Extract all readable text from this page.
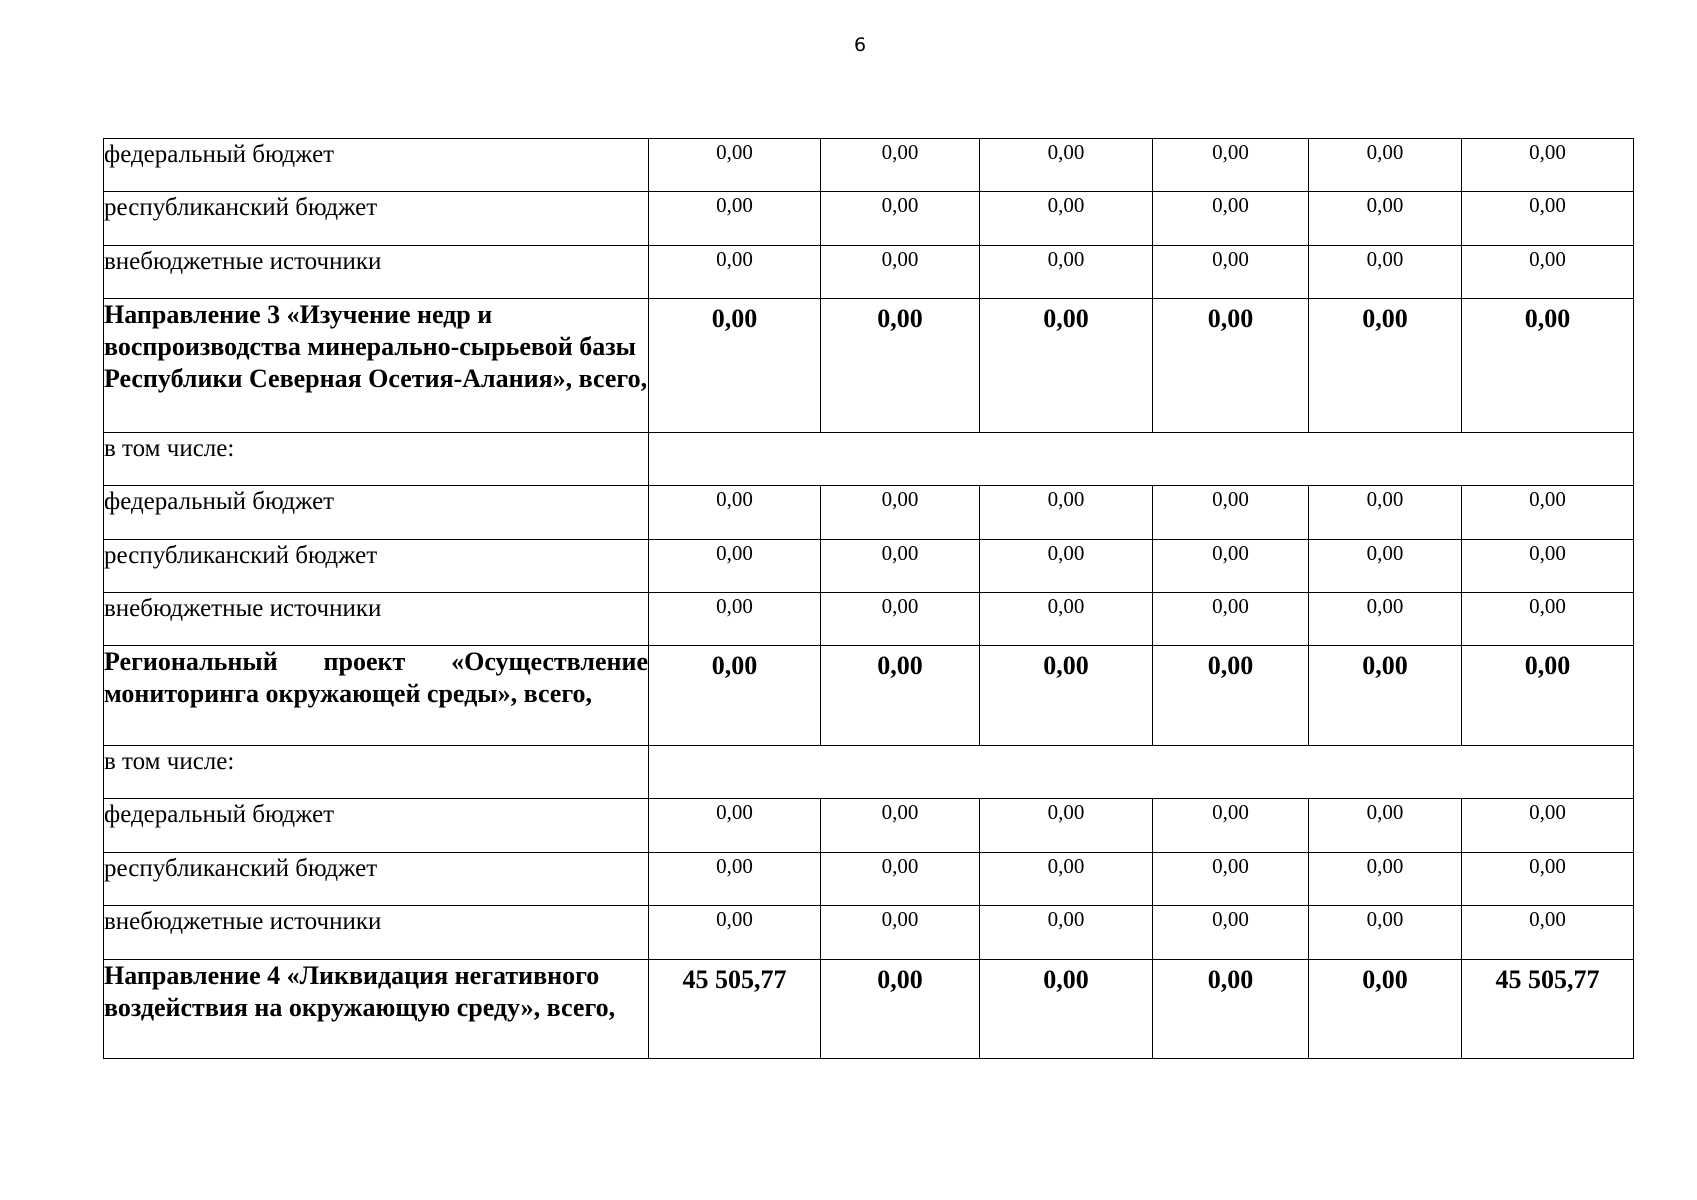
6
федеральный бюджет	0,00	0,00	0,00	0,00	0,00	0,00
республиканский бюджет	0,00	0,00	0,00	0,00	0,00	0,00
внебюджетные источники	0,00	0,00	0,00	0,00	0,00	0,00
Направление 3 «Изучение недр и воспроизводства минерально-сырьевой базы Республики Северная Осетия-Алания», всего,	0,00	0,00	0,00	0,00	0,00	0,00
в том числе:						
федеральный бюджет	0,00	0,00	0,00	0,00	0,00	0,00
республиканский бюджет	0,00	0,00	0,00	0,00	0,00	0,00
внебюджетные источники	0,00	0,00	0,00	0,00	0,00	0,00
Региональный проект «Осуществление мониторинга окружающей среды», всего,	0,00	0,00	0,00	0,00	0,00	0,00
в том числе:						
федеральный бюджет	0,00	0,00	0,00	0,00	0,00	0,00
республиканский бюджет	0,00	0,00	0,00	0,00	0,00	0,00
внебюджетные источники	0,00	0,00	0,00	0,00	0,00	0,00
Направление 4 «Ликвидация негативного воздействия на окружающую среду», всего,	45 505,77	0,00	0,00	0,00	0,00	45 505,77
